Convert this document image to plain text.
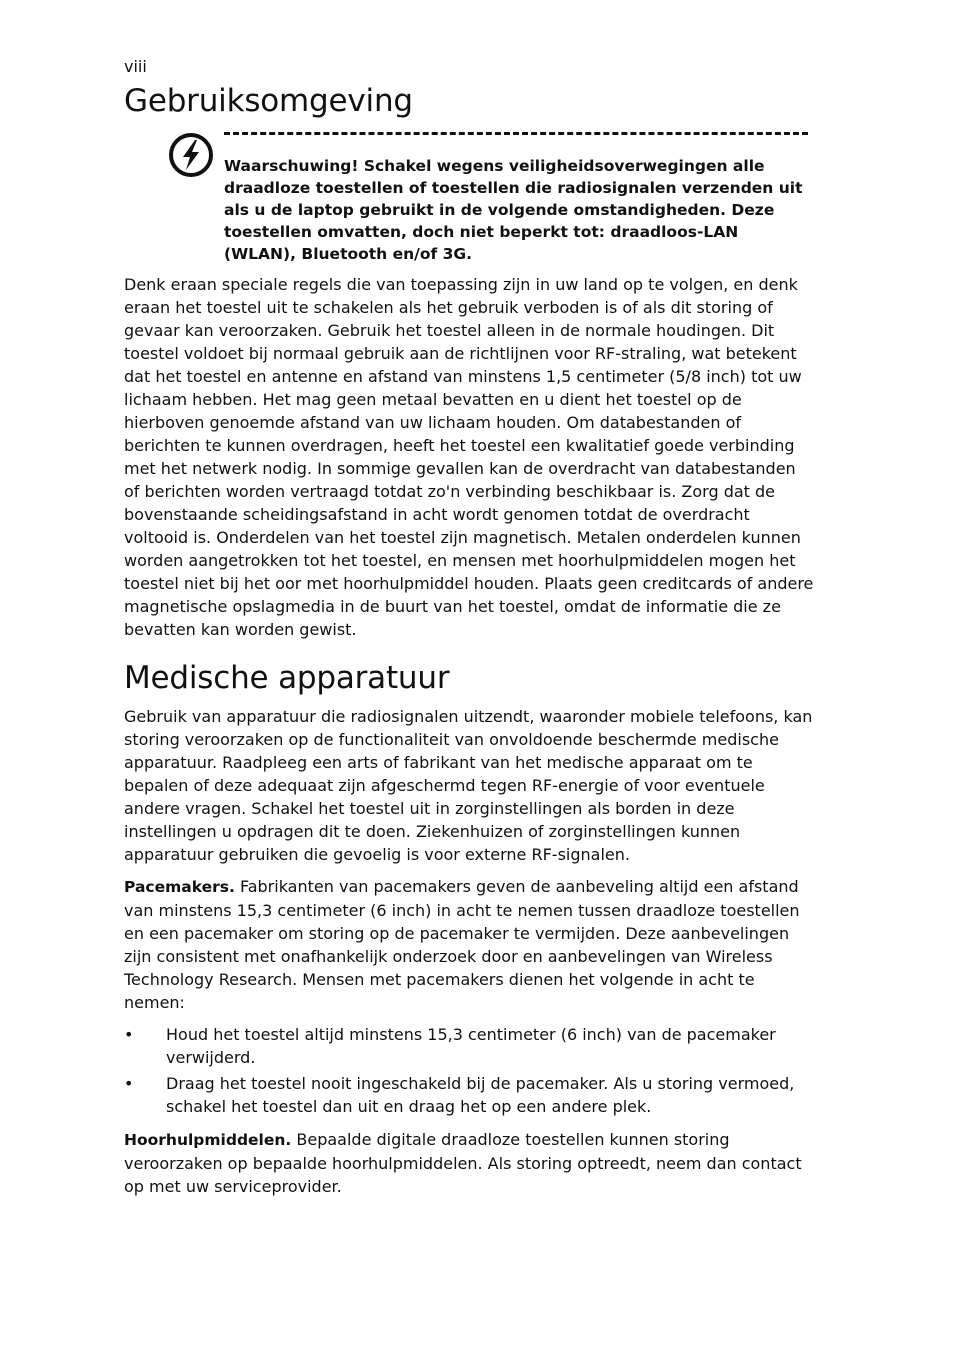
viii

Gebruiksomgeving

Waarschuwing! Schakel wegens veiligheidsoverwegingen alle draadloze toestellen of toestellen die radiosignalen verzenden uit als u de laptop gebruikt in de volgende omstandigheden. Deze toestellen omvatten, doch niet beperkt tot: draadloos-LAN (WLAN), Bluetooth en/of 3G.

Denk eraan speciale regels die van toepassing zijn in uw land op te volgen, en denk eraan het toestel uit te schakelen als het gebruik verboden is of als dit storing of gevaar kan veroorzaken. Gebruik het toestel alleen in de normale houdingen. Dit toestel voldoet bij normaal gebruik aan de richtlijnen voor RF-straling, wat betekent dat het toestel en antenne en afstand van minstens 1,5 centimeter (5/8 inch) tot uw lichaam hebben. Het mag geen metaal bevatten en u dient het toestel op de hierboven genoemde afstand van uw lichaam houden. Om databestanden of berichten te kunnen overdragen, heeft het toestel een kwalitatief goede verbinding met het netwerk nodig. In sommige gevallen kan de overdracht van databestanden of berichten worden vertraagd totdat zo'n verbinding beschikbaar is. Zorg dat de bovenstaande scheidingsafstand in acht wordt genomen totdat de overdracht voltooid is. Onderdelen van het toestel zijn magnetisch. Metalen onderdelen kunnen worden aangetrokken tot het toestel, en mensen met hoorhulpmiddelen mogen het toestel niet bij het oor met hoorhulpmiddel houden. Plaats geen creditcards of andere magnetische opslagmedia in de buurt van het toestel, omdat de informatie die ze bevatten kan worden gewist.

Medische apparatuur

Gebruik van apparatuur die radiosignalen uitzendt, waaronder mobiele telefoons, kan storing veroorzaken op de functionaliteit van onvoldoende beschermde medische apparatuur. Raadpleeg een arts of fabrikant van het medische apparaat om te bepalen of deze adequaat zijn afgeschermd tegen RF-energie of voor eventuele andere vragen. Schakel het toestel uit in zorginstellingen als borden in deze instellingen u opdragen dit te doen. Ziekenhuizen of zorginstellingen kunnen apparatuur gebruiken die gevoelig is voor externe RF-signalen.

Pacemakers. Fabrikanten van pacemakers geven de aanbeveling altijd een afstand van minstens 15,3 centimeter (6 inch) in acht te nemen tussen draadloze toestellen en een pacemaker om storing op de pacemaker te vermijden. Deze aanbevelingen zijn consistent met onafhankelijk onderzoek door en aanbevelingen van Wireless Technology Research. Mensen met pacemakers dienen het volgende in acht te nemen:

• Houd het toestel altijd minstens 15,3 centimeter (6 inch) van de pacemaker verwijderd.
• Draag het toestel nooit ingeschakeld bij de pacemaker. Als u storing vermoed, schakel het toestel dan uit en draag het op een andere plek.

Hoorhulpmiddelen. Bepaalde digitale draadloze toestellen kunnen storing veroorzaken op bepaalde hoorhulpmiddelen. Als storing optreedt, neem dan contact op met uw serviceprovider.
